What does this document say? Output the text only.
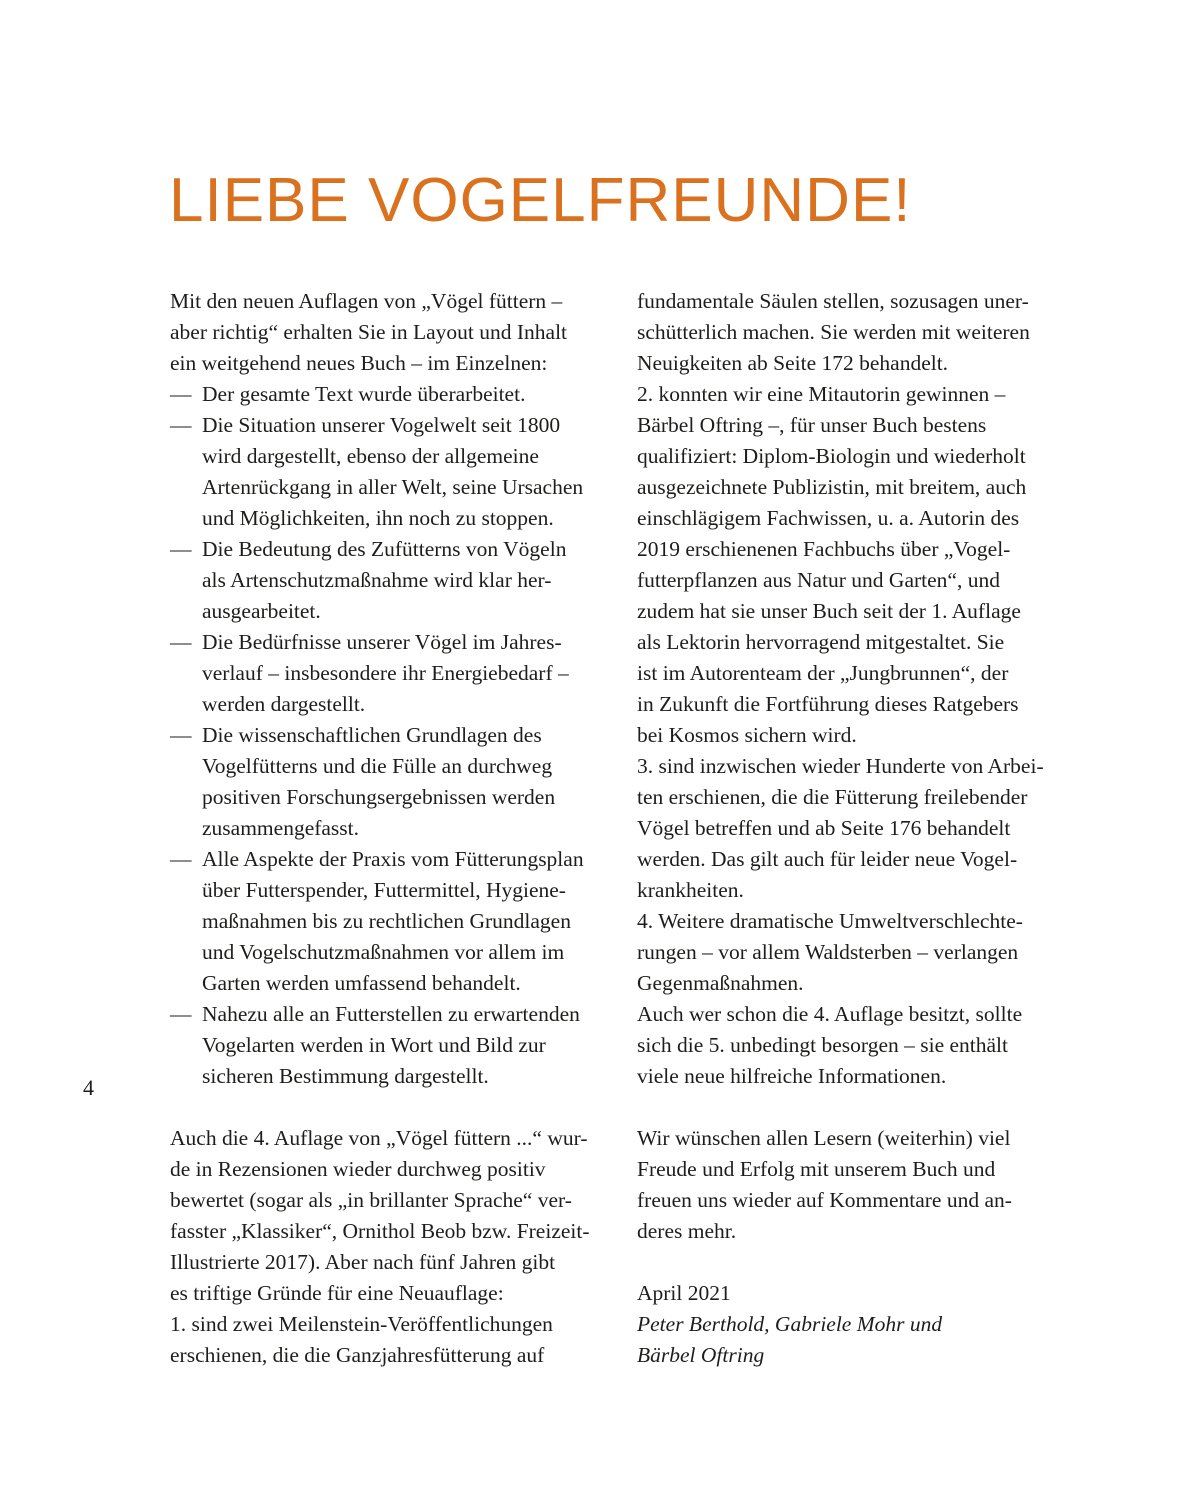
LIEBE VOGELFREUNDE!
Mit den neuen Auflagen von „Vögel füttern –
aber richtig“ erhalten Sie in Layout und Inhalt
ein weitgehend neues Buch – im Einzelnen:
— Der gesamte Text wurde überarbeitet.
— Die Situation unserer Vogelwelt seit 1800
wird dargestellt, ebenso der allgemeine
Artenrückgang in aller Welt, seine Ursachen
und Möglichkeiten, ihn noch zu stoppen.
— Die Bedeutung des Zufütterns von Vögeln
als Artenschutzmaßnahme wird klar her-
ausgearbeitet.
— Die Bedürfnisse unserer Vögel im Jahres-
verlauf – insbesondere ihr Energiebedarf –
werden dargestellt.
— Die wissenschaftlichen Grundlagen des
Vogelfütterns und die Fülle an durchweg
positiven Forschungsergebnissen werden
zusammengefasst.
— Alle Aspekte der Praxis vom Fütterungsplan
über Futterspender, Futtermittel, Hygiene-
maßnahmen bis zu rechtlichen Grundlagen
und Vogelschutzmaßnahmen vor allem im
Garten werden umfassend behandelt.
— Nahezu alle an Futterstellen zu erwartenden
Vogelarten werden in Wort und Bild zur
sicheren Bestimmung dargestellt.
Auch die 4. Auflage von „Vögel füttern ...“ wur-
de in Rezensionen wieder durchweg positiv
bewertet (sogar als „in brillanter Sprache“ ver-
fasster „Klassiker“, Ornithol Beob bzw. Freizeit-
Illustrierte 2017). Aber nach fünf Jahren gibt
es triftige Gründe für eine Neuauflage:
1. sind zwei Meilenstein-Veröffentlichungen
erschienen, die die Ganzjahresfütterung auf
fundamentale Säulen stellen, sozusagen uner-
schütterlich machen. Sie werden mit weiteren
Neuigkeiten ab Seite 172 behandelt.
2. konnten wir eine Mitautorin gewinnen –
Bärbel Oftring –, für unser Buch bestens
qualifiziert: Diplom-Biologin und wiederholt
ausgezeichnete Publizistin, mit breitem, auch
einschlägigem Fachwissen, u. a. Autorin des
2019 erschienenen Fachbuchs über „Vogel-
futterpflanzen aus Natur und Garten“, und
zudem hat sie unser Buch seit der 1. Auflage
als Lektorin hervorragend mitgestaltet. Sie
ist im Autorenteam der „Jungbrunnen“, der
in Zukunft die Fortführung dieses Ratgebers
bei Kosmos sichern wird.
3. sind inzwischen wieder Hunderte von Arbei-
ten erschienen, die die Fütterung freilebender
Vögel betreffen und ab Seite 176 behandelt
werden. Das gilt auch für leider neue Vogel-
krankheiten.
4. Weitere dramatische Umweltverschlechte-
rungen – vor allem Waldsterben – verlangen
Gegenmaßnahmen.
Auch wer schon die 4. Auflage besitzt, sollte
sich die 5. unbedingt besorgen – sie enthält
viele neue hilfreiche Informationen.
Wir wünschen allen Lesern (weiterhin) viel
Freude und Erfolg mit unserem Buch und
freuen uns wieder auf Kommentare und an-
deres mehr.
April 2021
Peter Berthold, Gabriele Mohr und
Bärbel Oftring
4
